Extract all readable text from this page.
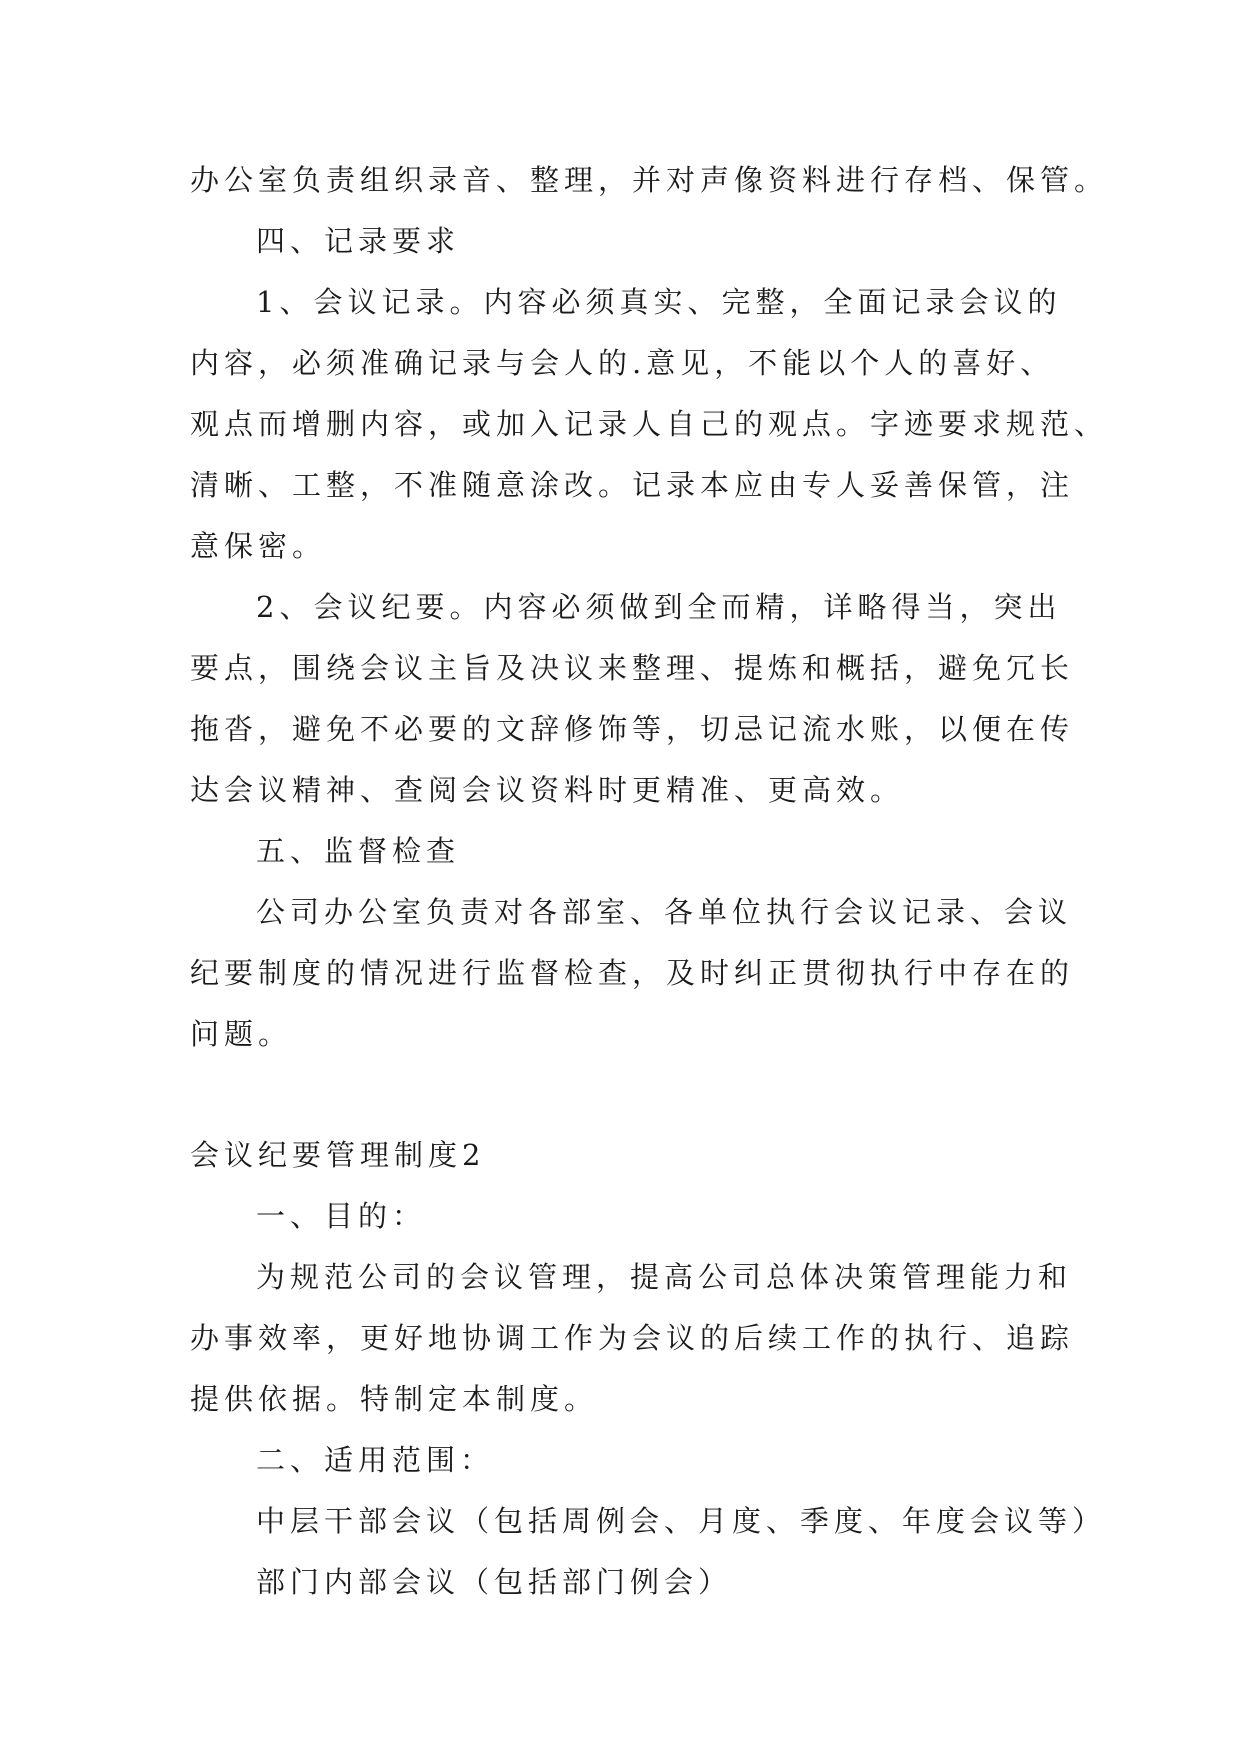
办公室负责组织录音、整理，并对声像资料进行存档、保管。
四、记录要求
1、会议记录。内容必须真实、完整，全面记录会议的
内容，必须准确记录与会人的.意见，不能以个人的喜好、
观点而增删内容，或加入记录人自己的观点。字迹要求规范、
清晰、工整，不准随意涂改。记录本应由专人妥善保管，注
意保密。
2、会议纪要。内容必须做到全而精，详略得当，突出
要点，围绕会议主旨及决议来整理、提炼和概括，避免冗长
拖沓，避免不必要的文辞修饰等，切忌记流水账，以便在传
达会议精神、查阅会议资料时更精准、更高效。
五、监督检查
公司办公室负责对各部室、各单位执行会议记录、会议
纪要制度的情况进行监督检查，及时纠正贯彻执行中存在的
问题。
会议纪要管理制度2
一、目的：
为规范公司的会议管理，提高公司总体决策管理能力和
办事效率，更好地协调工作为会议的后续工作的执行、追踪
提供依据。特制定本制度。
二、适用范围：
中层干部会议（包括周例会、月度、季度、年度会议等）
部门内部会议（包括部门例会）
